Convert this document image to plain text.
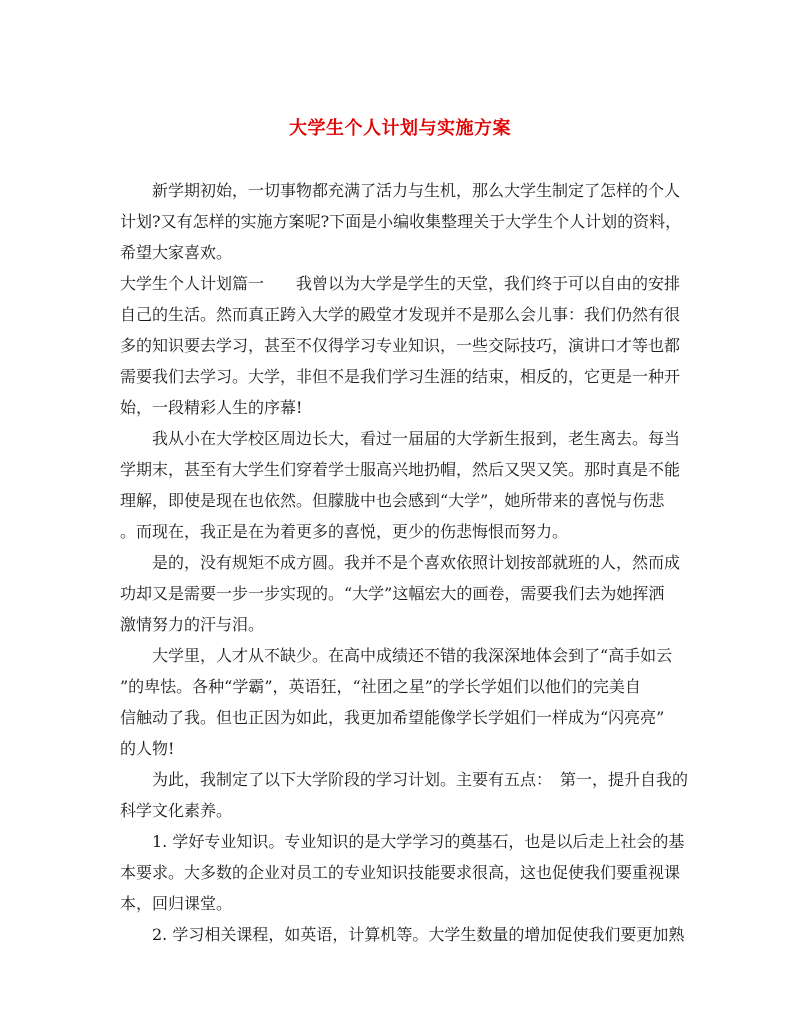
大学生个人计划与实施方案
　　新学期初始，一切事物都充满了活力与生机，那么大学生制定了怎样的个人
计划?又有怎样的实施方案呢?下面是小编收集整理关于大学生个人计划的资料，
希望大家喜欢。
大学生个人计划篇一　　我曾以为大学是学生的天堂，我们终于可以自由的安排
自己的生活。然而真正跨入大学的殿堂才发现并不是那么会儿事：我们仍然有很
多的知识要去学习，甚至不仅得学习专业知识，一些交际技巧，演讲口才等也都
需要我们去学习。大学，非但不是我们学习生涯的结束，相反的，它更是一种开
始，一段精彩人生的序幕!
　　我从小在大学校区周边长大，看过一届届的大学新生报到，老生离去。每当
学期末，甚至有大学生们穿着学士服高兴地扔帽，然后又哭又笑。那时真是不能
理解，即使是现在也依然。但朦胧中也会感到“大学”，她所带来的喜悦与伤悲
。而现在，我正是在为着更多的喜悦，更少的伤悲悔恨而努力。
　　是的，没有规矩不成方圆。我并不是个喜欢依照计划按部就班的人，然而成
功却又是需要一步一步实现的。“大学”这幅宏大的画卷，需要我们去为她挥洒
激情努力的汗与泪。
　　大学里，人才从不缺少。在高中成绩还不错的我深深地体会到了“高手如云
”的卑怯。各种“学霸”，英语狂，“社团之星”的学长学姐们以他们的完美自
信触动了我。但也正因为如此，我更加希望能像学长学姐们一样成为“闪亮亮”
的人物!
　　为此，我制定了以下大学阶段的学习计划。主要有五点：　第一，提升自我的
科学文化素养。
　　1. 学好专业知识。专业知识的是大学学习的奠基石，也是以后走上社会的基
本要求。大多数的企业对员工的专业知识技能要求很高，这也促使我们要重视课
本，回归课堂。
　　2. 学习相关课程，如英语，计算机等。大学生数量的增加促使我们要更加熟
